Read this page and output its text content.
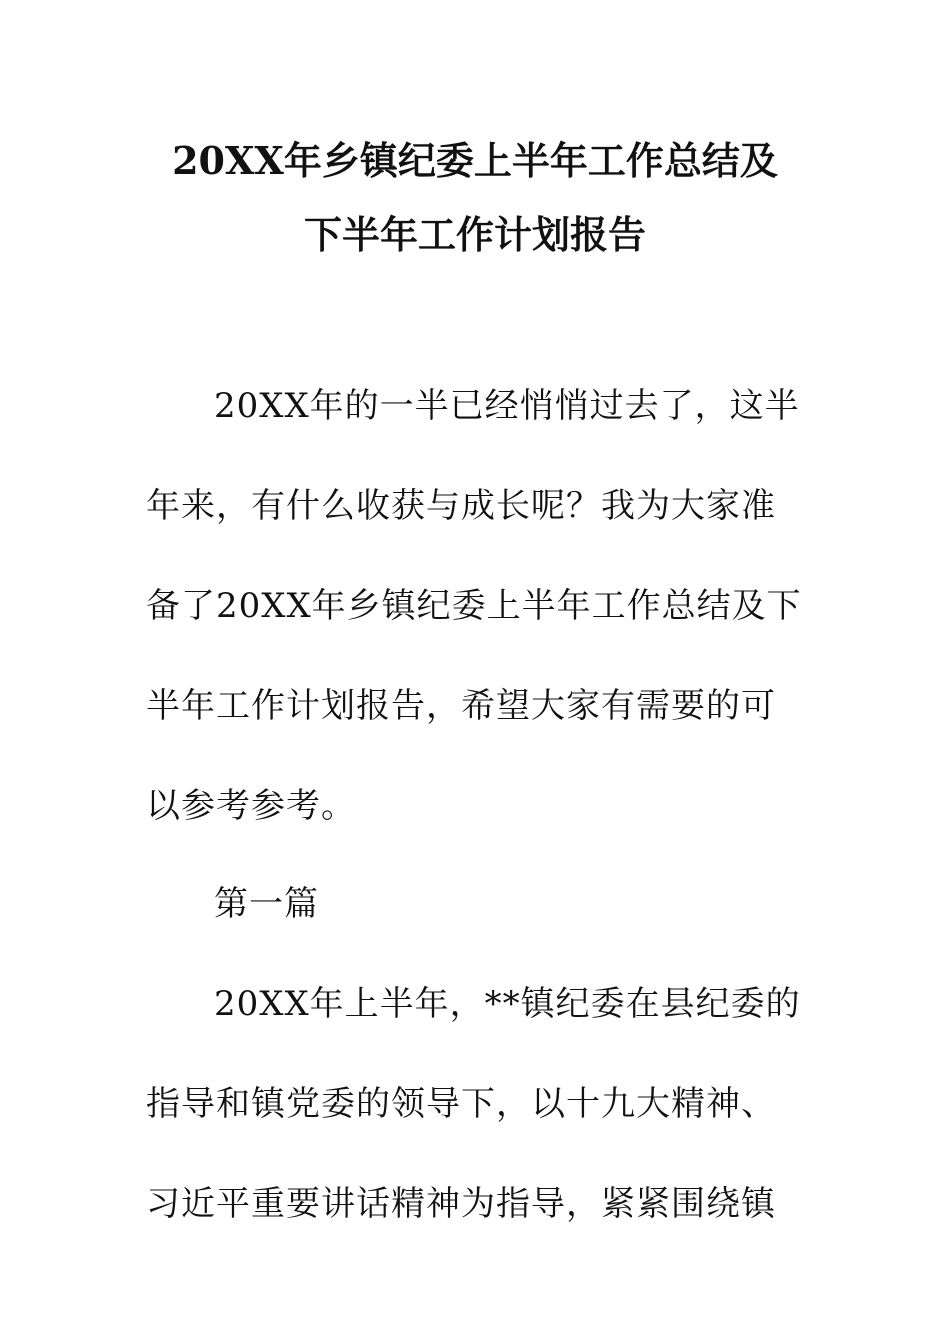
20XX年乡镇纪委上半年工作总结及
下半年工作计划报告
20XX年的一半已经悄悄过去了，这半
年来，有什么收获与成长呢？我为大家准
备了20XX年乡镇纪委上半年工作总结及下
半年工作计划报告，希望大家有需要的可
以参考参考。
第一篇
20XX年上半年，**镇纪委在县纪委的
指导和镇党委的领导下，以十九大精神、
习近平重要讲话精神为指导，紧紧围绕镇
